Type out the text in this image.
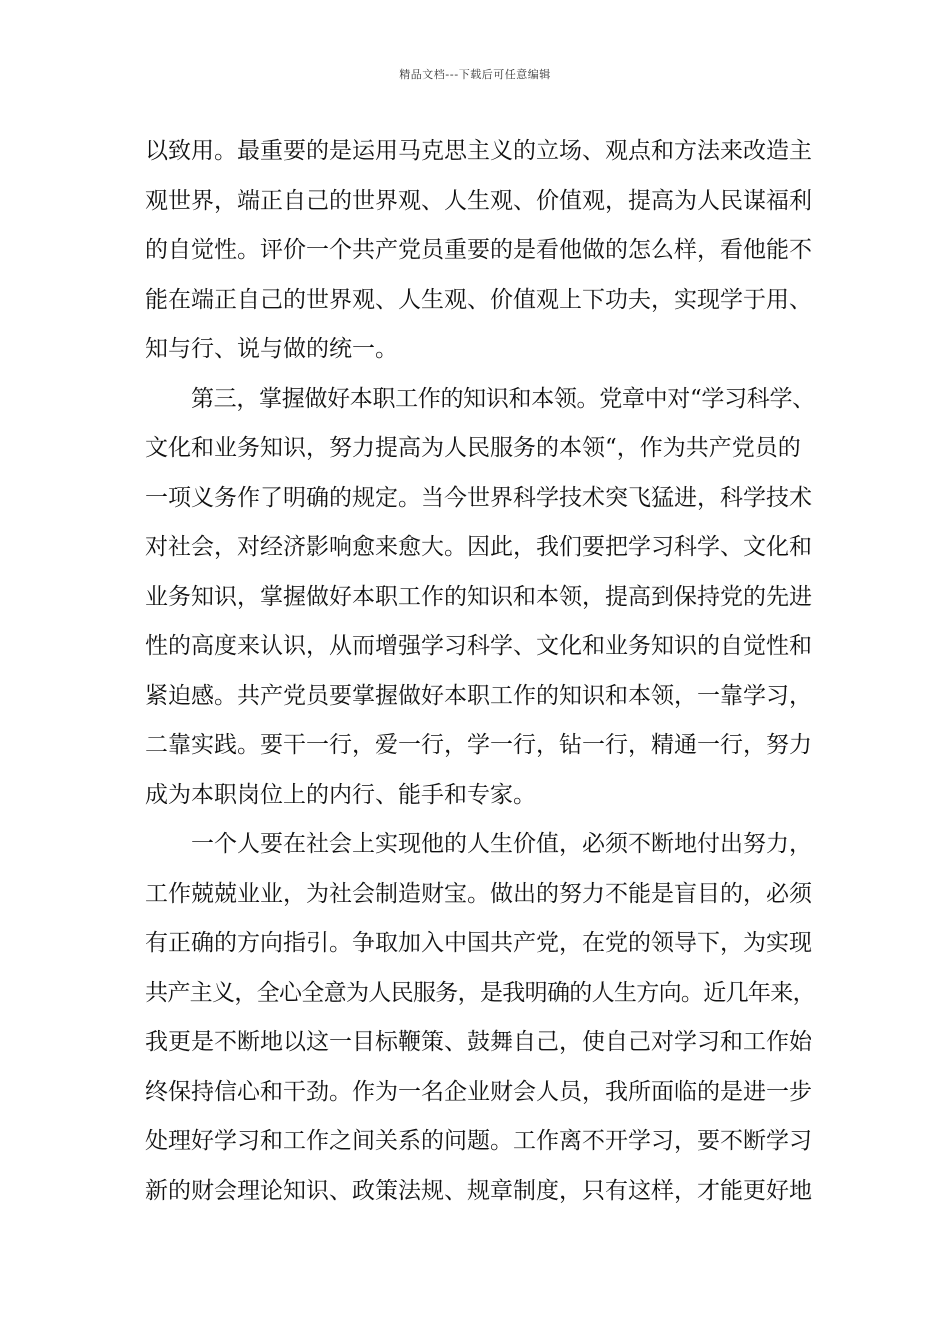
精品文档---下载后可任意编辑
以致用。最重要的是运用马克思主义的立场、观点和方法来改造主
观世界，端正自己的世界观、人生观、价值观，提高为人民谋福利
的自觉性。评价一个共产党员重要的是看他做的怎么样，看他能不
能在端正自己的世界观、人生观、价值观上下功夫，实现学于用、
知与行、说与做的统一。
第三，掌握做好本职工作的知识和本领。党章中对“学习科学、
文化和业务知识，努力提高为人民服务的本领“，作为共产党员的
一项义务作了明确的规定。当今世界科学技术突飞猛进，科学技术
对社会，对经济影响愈来愈大。因此，我们要把学习科学、文化和
业务知识，掌握做好本职工作的知识和本领，提高到保持党的先进
性的高度来认识，从而增强学习科学、文化和业务知识的自觉性和
紧迫感。共产党员要掌握做好本职工作的知识和本领，一靠学习，
二靠实践。要干一行，爱一行，学一行，钻一行，精通一行，努力
成为本职岗位上的内行、能手和专家。
一个人要在社会上实现他的人生价值，必须不断地付出努力，
工作兢兢业业，为社会制造财宝。做出的努力不能是盲目的，必须
有正确的方向指引。争取加入中国共产党，在党的领导下，为实现
共产主义，全心全意为人民服务，是我明确的人生方向。近几年来，
我更是不断地以这一目标鞭策、鼓舞自己，使自己对学习和工作始
终保持信心和干劲。作为一名企业财会人员，我所面临的是进一步
处理好学习和工作之间关系的问题。工作离不开学习，要不断学习
新的财会理论知识、政策法规、规章制度，只有这样，才能更好地
